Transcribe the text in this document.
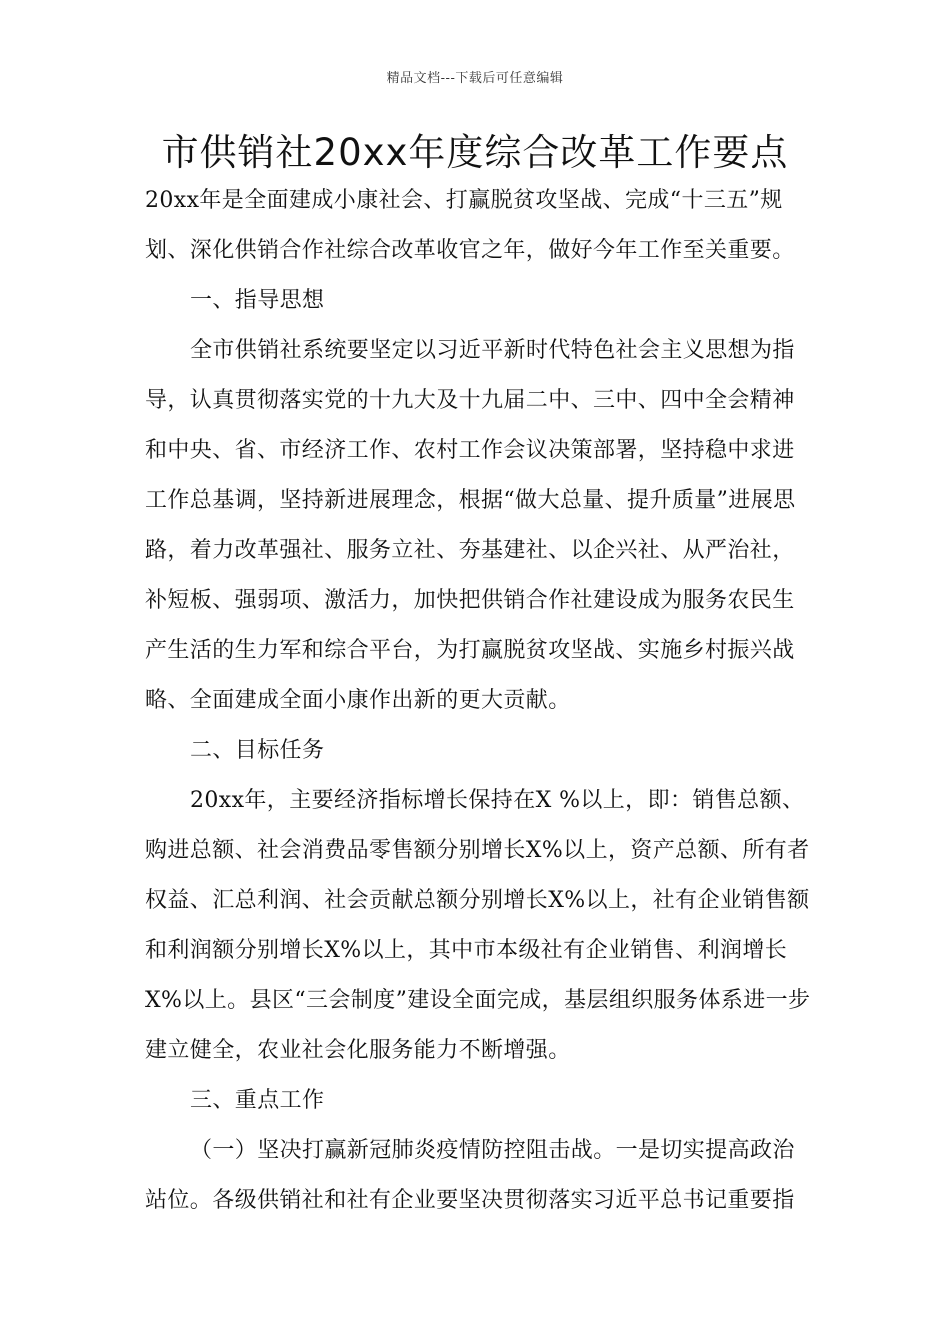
精品文档---下载后可任意编辑
市供销社20xx年度综合改革工作要点

20xx年是全面建成小康社会、打赢脱贫攻坚战、完成“十三五”规划、深化供销合作社综合改革收官之年，做好今年工作至关重要。

一、指导思想

全市供销社系统要坚定以习近平新时代特色社会主义思想为指导，认真贯彻落实党的十九大及十九届二中、三中、四中全会精神和中央、省、市经济工作、农村工作会议决策部署，坚持稳中求进工作总基调，坚持新进展理念，根据“做大总量、提升质量”进展思路，着力改革强社、服务立社、夯基建社、以企兴社、从严治社，补短板、强弱项、激活力，加快把供销合作社建设成为服务农民生产生活的生力军和综合平台，为打赢脱贫攻坚战、实施乡村振兴战略、全面建成全面小康作出新的更大贡献。

二、目标任务

20xx年，主要经济指标增长保持在X %以上，即：销售总额、购进总额、社会消费品零售额分别增长X%以上，资产总额、所有者权益、汇总利润、社会贡献总额分别增长X%以上，社有企业销售额和利润额分别增长X%以上，其中市本级社有企业销售、利润增长X%以上。县区“三会制度”建设全面完成，基层组织服务体系进一步建立健全，农业社会化服务能力不断增强。

三、重点工作

（一）坚决打赢新冠肺炎疫情防控阻击战。一是切实提高政治站位。各级供销社和社有企业要坚决贯彻落实习近平总书记重要指
